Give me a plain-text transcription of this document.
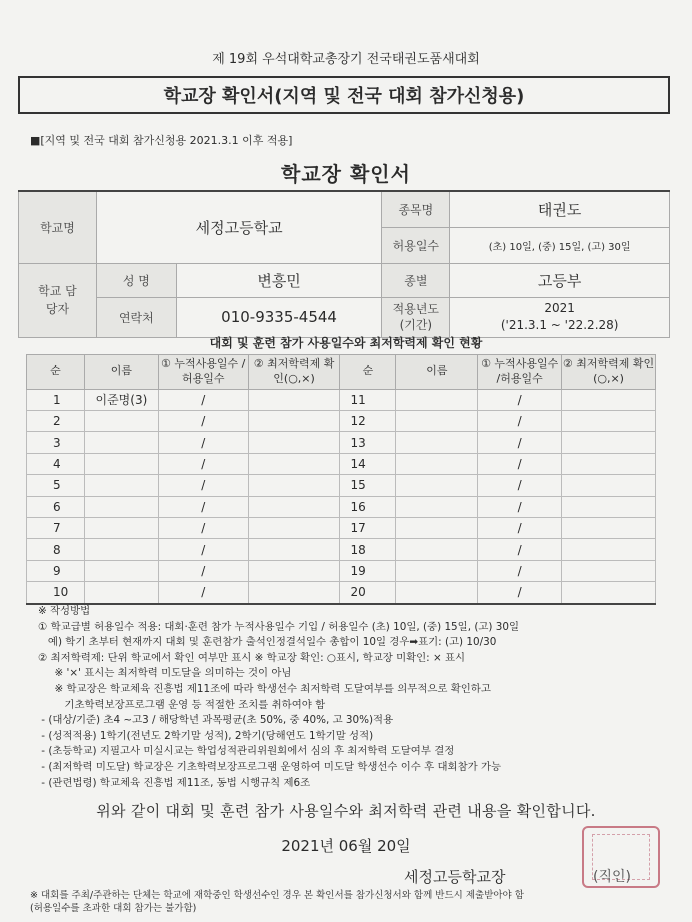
제 19회 우석대학교총장기 전국태권도품새대회
학교장 확인서(지역 및 전국 대회 참가신청용)
■[지역 및 전국 대회 참가신청용 2021.3.1 이후 적용]
학교장 확인서
학교명	세정고등학교		종목명	태권도
			허용일수	(초) 10일, (중) 15일, (고) 30일
학교 담당자	성 명	변흥민	종별	고등부
	연락처	010-9335-4544	적용년도 (기간)	2021
('21.3.1 ~ '22.2.28)
대회 및 훈련 참가 사용일수와 최저학력제 확인 현황
순	이름	① 누적사용일수 /허용일수	② 최저학력제 확인(○,×)	순	이름	① 누적사용일수 /허용일수	② 최저학력제 확인(○,×)
1	이준명(3)	/		11		/	
2		/		12		/	
3		/		13		/	
4		/		14		/	
5		/		15		/	
6		/		16		/	
7		/		17		/	
8		/		18		/	
9		/		19		/	
10		/		20		/	
※ 작성방법
① 학교급별 허용일수 적용: 대회·훈련 참가 누적사용일수 기입 / 허용일수 (초) 10일, (중) 15일, (고) 30일
예) 학기 초부터 현재까지 대회 및 훈련참가 출석인정결석일수 총합이 10일 경우➡표기: (고) 10/30
② 최저학력제: 단위 학교에서 확인 여부만 표시 ※ 학교장 확인: ○표시, 학교장 미확인: × 표시
※ '×' 표시는 최저학력 미도달을 의미하는 것이 아님
※ 학교장은 학교체육 진흥법 제11조에 따라 학생선수 최저학력 도달여부를 의무적으로 확인하고
기초학력보장프로그램 운영 등 적절한 조치를 취하여야 함
- (대상/기준) 초4 ~고3 / 해당학년 과목평균(초 50%, 중 40%, 고 30%)적용
- (성적적용) 1학기(전년도 2학기말 성적), 2학기(당해연도 1학기말 성적)
- (초등학교) 지필고사 미실시교는 학업성적관리위원회에서 심의 후 최저학력 도달여부 결정
- (최저학력 미도달) 학교장은 기초학력보장프로그램 운영하여 미도달 학생선수 이수 후 대회참가 가능
- (관련법령) 학교체육 진흥법 제11조, 동법 시행규칙 제6조
위와 같이 대회 및 훈련 참가 사용일수와 최저학력 관련 내용을 확인합니다.
2021년 06월 20일
세정고등학교장	(직인)
※ 대회를 주최/주관하는 단체는 학교에 재학중인 학생선수인 경우 본 확인서를 참가신청서와 함께 반드시 제출받아야 함
(허용일수를 초과한 대회 참가는 불가함)
